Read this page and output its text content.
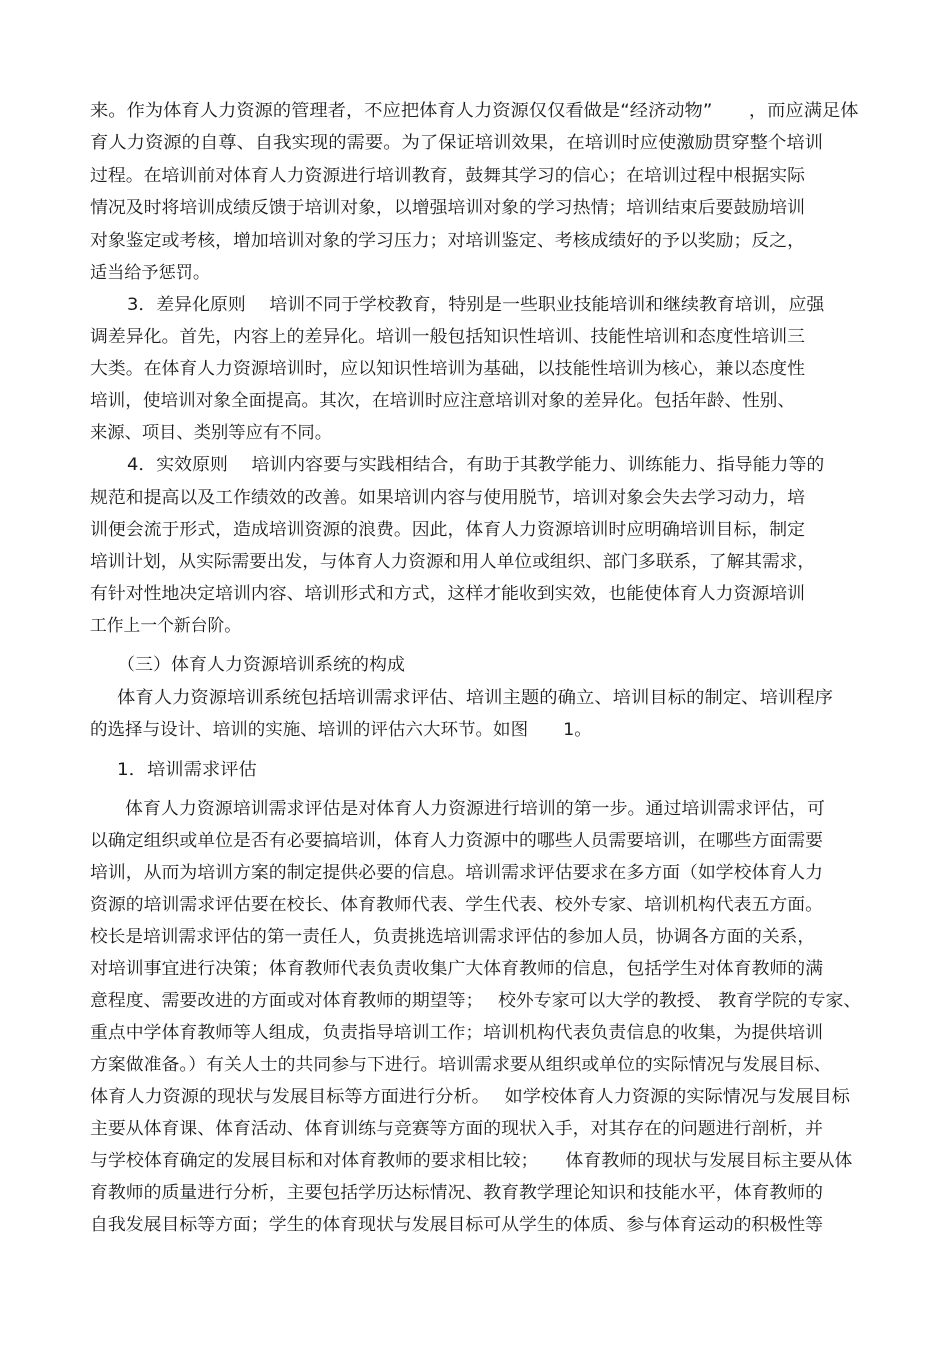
来。作为体育人力资源的管理者，不应把体育人力资源仅仅看做是“经济动物”　　，而应满足体
育人力资源的自尊、自我实现的需要。为了保证培训效果，在培训时应使激励贯穿整个培训
过程。在培训前对体育人力资源进行培训教育，鼓舞其学习的信心；在培训过程中根据实际
情况及时将培训成绩反馈于培训对象，以增强培训对象的学习热情；培训结束后要鼓励培训
对象鉴定或考核，增加培训对象的学习压力；对培训鉴定、考核成绩好的予以奖励；反之，
适当给予惩罚。
3．差异化原则　 培训不同于学校教育，特别是一些职业技能培训和继续教育培训，应强
调差异化。首先，内容上的差异化。培训一般包括知识性培训、技能性培训和态度性培训三
大类。在体育人力资源培训时，应以知识性培训为基础，以技能性培训为核心，兼以态度性
培训，使培训对象全面提高。其次，在培训时应注意培训对象的差异化。包括年龄、性别、
来源、项目、类别等应有不同。
4．实效原则　 培训内容要与实践相结合，有助于其教学能力、训练能力、指导能力等的
规范和提高以及工作绩效的改善。如果培训内容与使用脱节，培训对象会失去学习动力，培
训便会流于形式，造成培训资源的浪费。因此，体育人力资源培训时应明确培训目标，制定
培训计划，从实际需要出发，与体育人力资源和用人单位或组织、部门多联系，了解其需求，
有针对性地决定培训内容、培训形式和方式，这样才能收到实效，也能使体育人力资源培训
工作上一个新台阶。
（三）体育人力资源培训系统的构成
体育人力资源培训系统包括培训需求评估、培训主题的确立、培训目标的制定、培训程序
的选择与设计、培训的实施、培训的评估六大环节。如图　　1。
1．培训需求评估
体育人力资源培训需求评估是对体育人力资源进行培训的第一步。通过培训需求评估，可
以确定组织或单位是否有必要搞培训，体育人力资源中的哪些人员需要培训，在哪些方面需要
培训，从而为培训方案的制定提供必要的信息。培训需求评估要求在多方面（如学校体育人力
资源的培训需求评估要在校长、体育教师代表、学生代表、校外专家、培训机构代表五方面。
校长是培训需求评估的第一责任人，负责挑选培训需求评估的参加人员，协调各方面的关系，
对培训事宜进行决策；体育教师代表负责收集广大体育教师的信息，包括学生对体育教师的满
意程度、需要改进的方面或对体育教师的期望等；　 校外专家可以大学的教授、 教育学院的专家、
重点中学体育教师等人组成，负责指导培训工作；培训机构代表负责信息的收集，为提供培训
方案做准备。）有关人士的共同参与下进行。培训需求要从组织或单位的实际情况与发展目标、
体育人力资源的现状与发展目标等方面进行分析。　 如学校体育人力资源的实际情况与发展目标
主要从体育课、体育活动、体育训练与竞赛等方面的现状入手，对其存在的问题进行剖析，并
与学校体育确定的发展目标和对体育教师的要求相比较；　　体育教师的现状与发展目标主要从体
育教师的质量进行分析，主要包括学历达标情况、教育教学理论知识和技能水平，体育教师的
自我发展目标等方面；学生的体育现状与发展目标可从学生的体质、参与体育运动的积极性等
